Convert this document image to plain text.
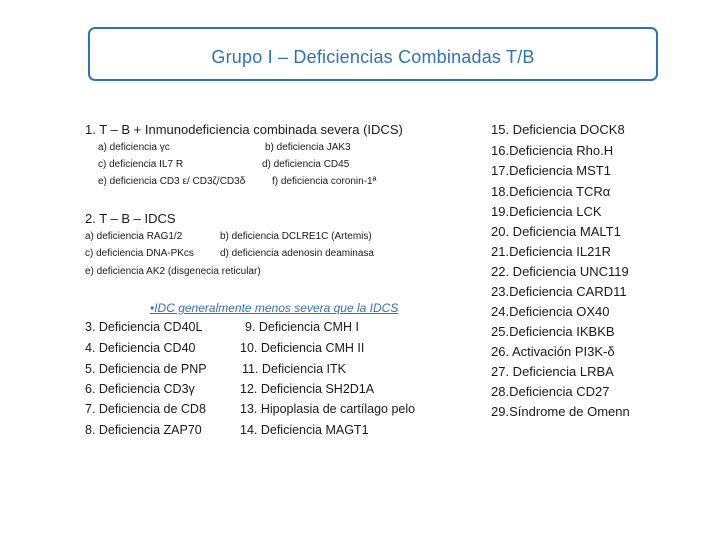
Grupo I – Deficiencias Combinadas T/B
1. T – B + Inmunodeficiencia combinada severa (IDCS)
a) deficiencia γc	b) deficiencia JAK3
c) deficiencia IL7 R	d) deficiencia CD45
e) deficiencia CD3 ε/ CD3ζ/CD3δ	f) deficiencia coronin-1ª
2. T – B – IDCS
a) deficiencia RAG1/2	b) deficiencia DCLRE1C (Artemis)
c) deficiencia DNA-PKcs	d) deficiencia adenosin deaminasa
e) deficiencia AK2 (disgenecia reticular)
•IDC generalmente menos severa que la IDCS
3. Deficiencia CD40L
4. Deficiencia CD40
5. Deficiencia de PNP
6. Deficiencia CD3γ
7. Deficiencia de CD8
8. Deficiencia ZAP70
9. Deficiencia CMH I
10. Deficiencia CMH II
11. Deficiencia ITK
12. Deficiencia SH2D1A
13. Hipoplasia de cartílago pelo
14. Deficiencia MAGT1
15. Deficiencia DOCK8
16.Deficiencia Rho.H
17.Deficiencia MST1
18.Deficiencia TCRα
19.Deficiencia LCK
20. Deficiencia MALT1
21.Deficiencia IL21R
22. Deficiencia UNC119
23.Deficiencia CARD11
24.Deficiencia OX40
25.Deficiencia IKBKB
26. Activación PI3K-δ
27. Deficiencia LRBA
28.Deficiencia CD27
29.Síndrome de Omenn
